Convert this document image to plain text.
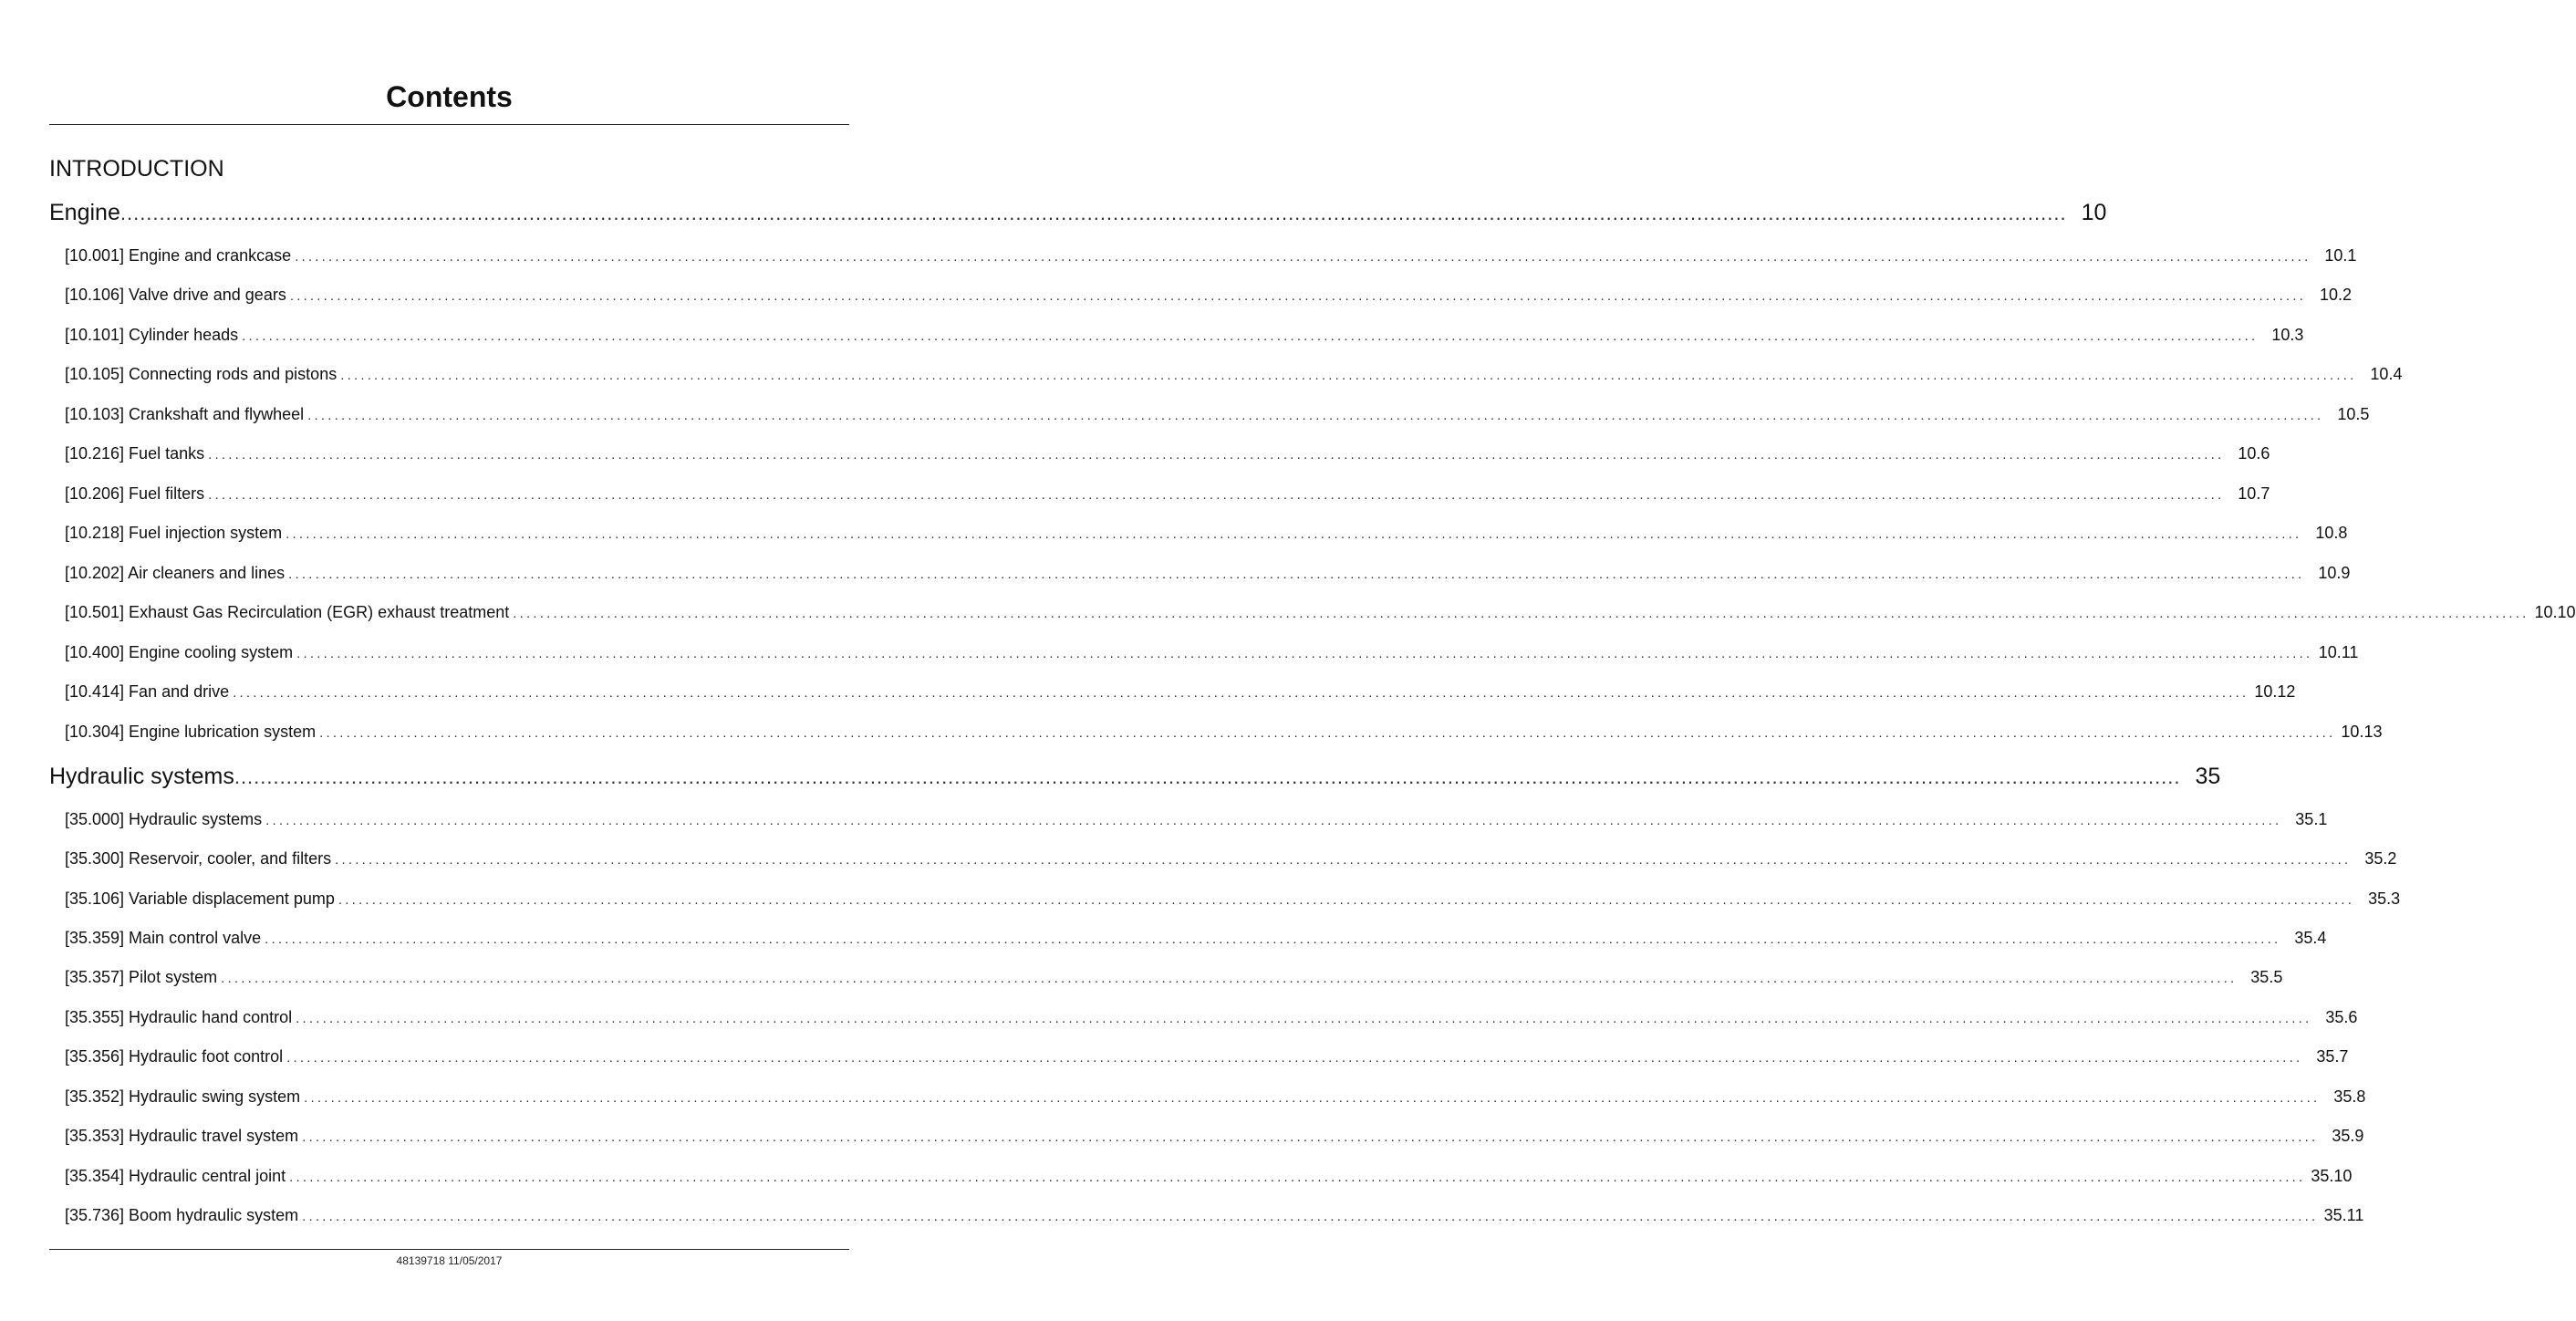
Contents
INTRODUCTION
Engine ............................................................................................................................................................................................................................................................................................................ 10
[10.001] Engine and crankcase ............................................................................................................................................................................................................................................................................................................ 10.1
[10.106] Valve drive and gears ............................................................................................................................................................................................................................................................................................................ 10.2
[10.101] Cylinder heads ............................................................................................................................................................................................................................................................................................................ 10.3
[10.105] Connecting rods and pistons ............................................................................................................................................................................................................................................................................................................ 10.4
[10.103] Crankshaft and flywheel ............................................................................................................................................................................................................................................................................................................ 10.5
[10.216] Fuel tanks ............................................................................................................................................................................................................................................................................................................ 10.6
[10.206] Fuel filters ............................................................................................................................................................................................................................................................................................................ 10.7
[10.218] Fuel injection system ............................................................................................................................................................................................................................................................................................................ 10.8
[10.202] Air cleaners and lines ............................................................................................................................................................................................................................................................................................................ 10.9
[10.501] Exhaust Gas Recirculation (EGR) exhaust treatment ............................................................................................................................................................................................................................................................................................................ 10.10
[10.400] Engine cooling system ............................................................................................................................................................................................................................................................................................................ 10.11
[10.414] Fan and drive ............................................................................................................................................................................................................................................................................................................ 10.12
[10.304] Engine lubrication system ............................................................................................................................................................................................................................................................................................................ 10.13
Hydraulic systems ............................................................................................................................................................................................................................................................................................................ 35
[35.000] Hydraulic systems ............................................................................................................................................................................................................................................................................................................ 35.1
[35.300] Reservoir, cooler, and filters ............................................................................................................................................................................................................................................................................................................ 35.2
[35.106] Variable displacement pump ............................................................................................................................................................................................................................................................................................................ 35.3
[35.359] Main control valve ............................................................................................................................................................................................................................................................................................................ 35.4
[35.357] Pilot system ............................................................................................................................................................................................................................................................................................................ 35.5
[35.355] Hydraulic hand control ............................................................................................................................................................................................................................................................................................................ 35.6
[35.356] Hydraulic foot control ............................................................................................................................................................................................................................................................................................................ 35.7
[35.352] Hydraulic swing system ............................................................................................................................................................................................................................................................................................................ 35.8
[35.353] Hydraulic travel system ............................................................................................................................................................................................................................................................................................................ 35.9
[35.354] Hydraulic central joint ............................................................................................................................................................................................................................................................................................................ 35.10
[35.736] Boom hydraulic system ............................................................................................................................................................................................................................................................................................................ 35.11
48139718 11/05/2017
